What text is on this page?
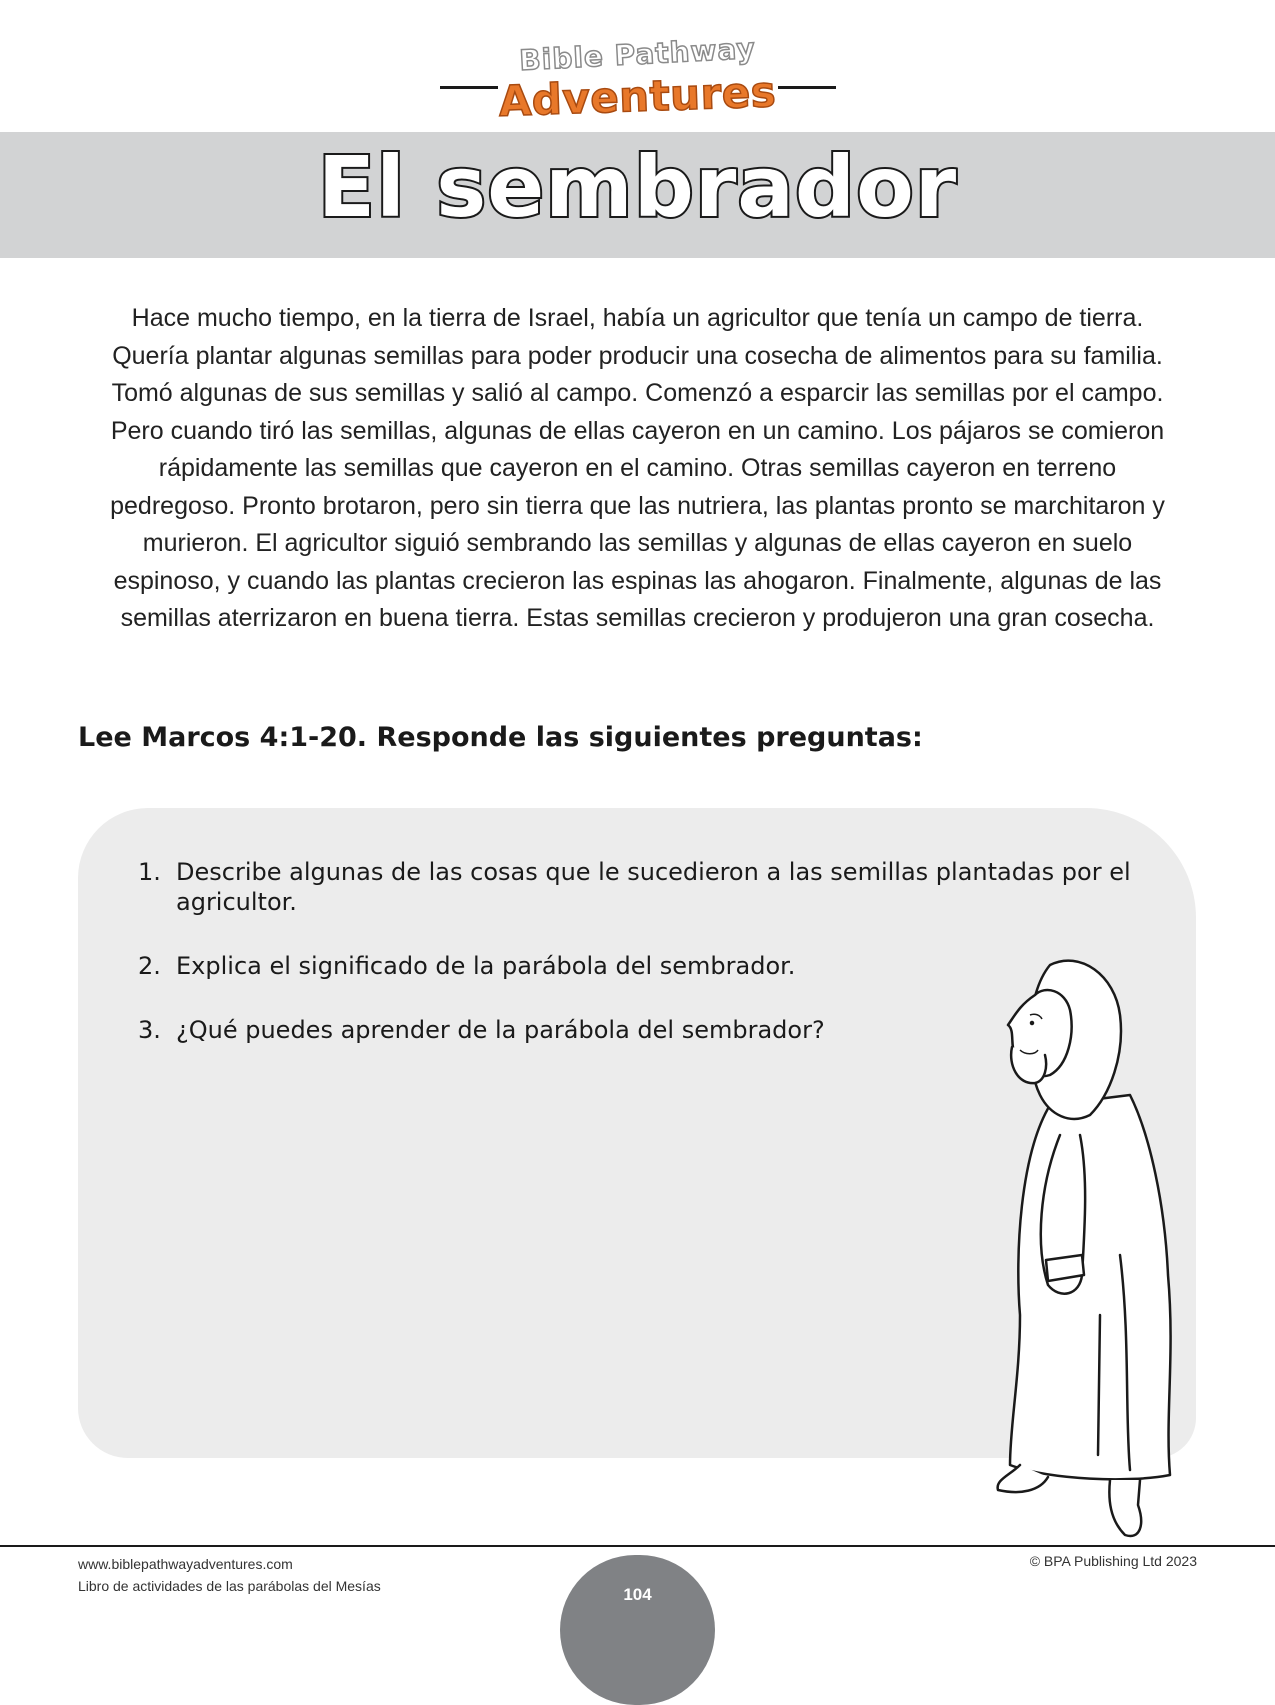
Bible Pathway
Adventures
El sembrador
Hace mucho tiempo, en la tierra de Israel, había un agricultor que tenía un campo de tierra. Quería plantar algunas semillas para poder producir una cosecha de alimentos para su familia. Tomó algunas de sus semillas y salió al campo. Comenzó a esparcir las semillas por el campo. Pero cuando tiró las semillas, algunas de ellas cayeron en un camino. Los pájaros se comieron rápidamente las semillas que cayeron en el camino. Otras semillas cayeron en terreno pedregoso. Pronto brotaron, pero sin tierra que las nutriera, las plantas pronto se marchitaron y murieron. El agricultor siguió sembrando las semillas y algunas de ellas cayeron en suelo espinoso, y cuando las plantas crecieron las espinas las ahogaron. Finalmente, algunas de las semillas aterrizaron en buena tierra. Estas semillas crecieron y produjeron una gran cosecha.
Lee Marcos 4:1-20. Responde las siguientes preguntas:
1. Describe algunas de las cosas que le sucedieron a las semillas plantadas por el agricultor.
2. Explica el significado de la parábola del sembrador.
3. ¿Qué puedes aprender de la parábola del sembrador?
www.biblepathwayadventures.com
Libro de actividades de las parábolas del Mesías
© BPA Publishing Ltd 2023
104
